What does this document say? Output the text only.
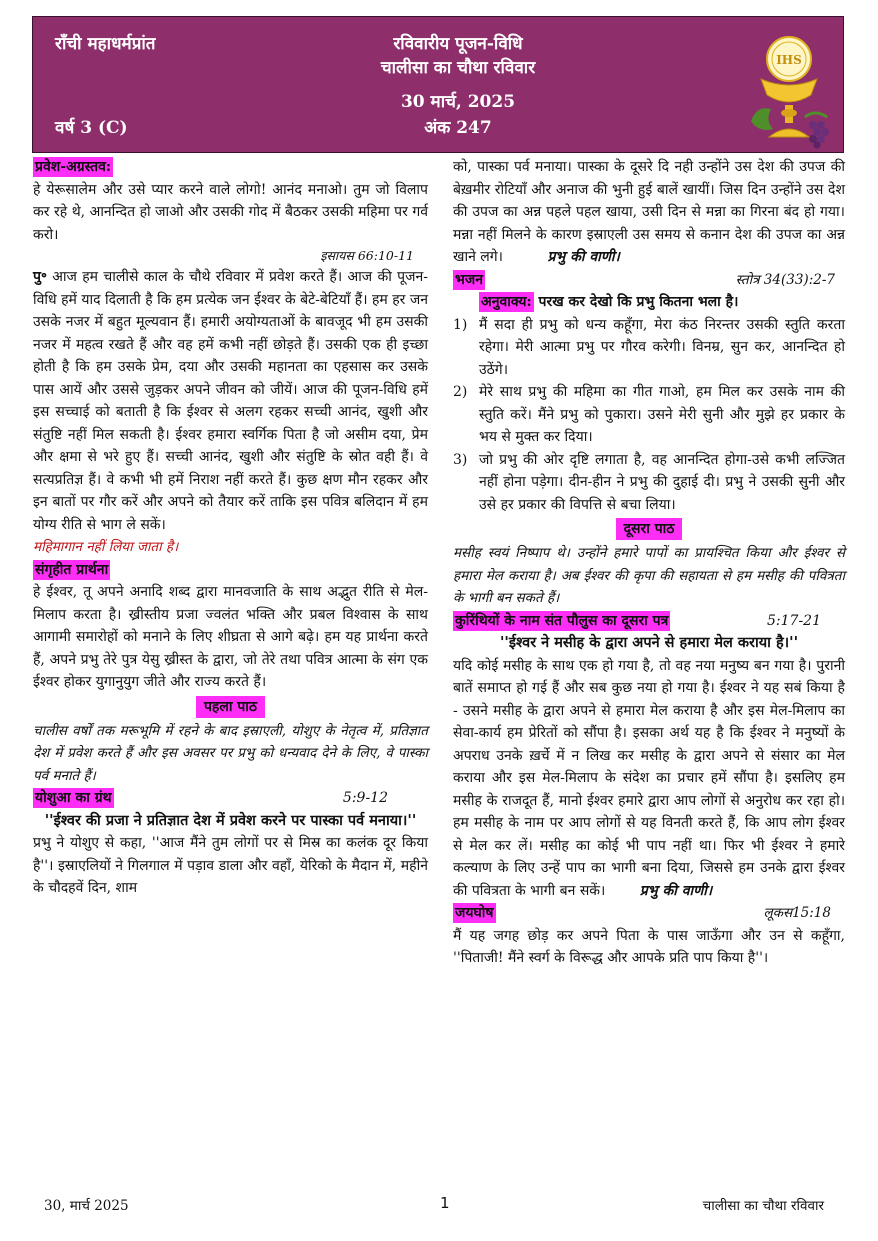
राँची महाधर्मप्रांत
वर्ष 3 (C)
रविवारीय पूजन-विधि
चालीसा का चौथा रविवार
30 मार्च, 2025
अंक 247
IHS
प्रवेश-अग्रस्तव:

हे येरूसालेम और उसे प्यार करने वाले लोगो! आनंद मनाओ। तुम जो विलाप कर रहे थे, आनन्दित हो जाओ और उसकी गोद में बैठकर उसकी महिमा पर गर्व करो।

इसायस 66:10-11

पु॰ आज हम चालीसे काल के चौथे रविवार में प्रवेश करते हैं। आज की पूजन-विधि हमें याद दिलाती है कि हम प्रत्येक जन ईश्वर के बेटे-बेटियाँ हैं। हम हर जन उसके नजर में बहुत मूल्यवान हैं। हमारी अयोग्यताओं के बावजूद भी हम उसकी नजर में महत्व रखते हैं और वह हमें कभी नहीं छोड़ते हैं। उसकी एक ही इच्छा होती है कि हम उसके प्रेम, दया और उसकी महानता का एहसास कर उसके पास आयें और उससे जुड़कर अपने जीवन को जीयें। आज की पूजन-विधि हमें इस सच्चाई को बताती है कि ईश्वर से अलग रहकर सच्ची आनंद, खुशी और संतुष्टि नहीं मिल सकती है। ईश्वर हमारा स्वर्गिक पिता है जो असीम दया, प्रेम और क्षमा से भरे हुए हैं। सच्ची आनंद, खुशी और संतुष्टि के स्रोत वही हैं। वे सत्यप्रतिज्ञ हैं। वे कभी भी हमें निराश नहीं करते हैं। कुछ क्षण मौन रहकर और इन बातों पर गौर करें और अपने को तैयार करें ताकि इस पवित्र बलिदान में हम योग्य रीति से भाग ले सकें।

महिमागान नहीं लिया जाता है।

संगृहीत प्रार्थना

हे ईश्वर, तू अपने अनादि शब्द द्वारा मानवजाति के साथ अद्भुत रीति से मेल-मिलाप करता है। ख्रीस्तीय प्रजा ज्वलंत भक्ति और प्रबल विश्वास के साथ आगामी समारोहों को मनाने के लिए शीघ्रता से आगे बढ़े। हम यह प्रार्थना करते हैं, अपने प्रभु तेरे पुत्र येसु ख्रीस्त के द्वारा, जो तेरे तथा पवित्र आत्मा के संग एक ईश्वर होकर युगानुयुग जीते और राज्य करते हैं।

पहला पाठ

चालीस वर्षों तक मरूभूमि में रहने के बाद इस्राएली, योशुए के नेतृत्व में, प्रतिज्ञात देश में प्रवेश करते हैं और इस अवसर पर प्रभु को धन्यवाद देने के लिए, वे पास्का पर्व मनाते हैं।

योशुआ का ग्रंथ	5:9-12

''ईश्वर की प्रजा ने प्रतिज्ञात देश में प्रवेश करने पर पास्का पर्व मनाया।''

प्रभु ने योशुए से कहा, ''आज मैंने तुम लोगों पर से मिस्र का कलंक दूर किया है''। इस्राएलियों ने गिलगाल में पड़ाव डाला और वहाँ, येरिको के मैदान में, महीने के चौदहवें दिन, शाम

को, पास्का पर्व मनाया। पास्का के दूसरे दि नही उन्होंने उस देश की उपज की बेख़मीर रोटियाँ और अनाज की भुनी हुई बालें खायीं। जिस दिन उन्होंने उस देश की उपज का अन्न पहले पहल खाया, उसी दिन से मन्ना का गिरना बंद हो गया। मन्ना नहीं मिलने के कारण इस्राएली उस समय से कनान देश की उपज का अन्न खाने लगे।	प्रभु की वाणी।

भजन	स्तोत्र 34(33):2-7

अनुवाक्य: परख कर देखो कि प्रभु कितना भला है।

1) मैं सदा ही प्रभु को धन्य कहूँगा, मेरा कंठ निरन्तर उसकी स्तुति करता रहेगा। मेरी आत्मा प्रभु पर गौरव करेगी। विनम्र, सुन कर, आनन्दित हो उठेंगे।
2) मेरे साथ प्रभु की महिमा का गीत गाओ, हम मिल कर उसके नाम की स्तुति करें। मैंने प्रभु को पुकारा। उसने मेरी सुनी और मुझे हर प्रकार के भय से मुक्त कर दिया।
3) जो प्रभु की ओर दृष्टि लगाता है, वह आनन्दित होगा-उसे कभी लज्जित नहीं होना पड़ेगा। दीन-हीन ने प्रभु की दुहाई दी। प्रभु ने उसकी सुनी और उसे हर प्रकार की विपत्ति से बचा लिया।
दूसरा पाठ

मसीह स्वयं निष्पाप थे। उन्होंने हमारे पापों का प्रायश्चित किया और ईश्वर से हमारा मेल कराया है। अब ईश्वर की कृपा की सहायता से हम मसीह की पवित्रता के भागी बन सकते हैं।

कुरिंथियों के नाम संत पौलुस का दूसरा पत्र	5:17-21

''ईश्वर ने मसीह के द्वारा अपने से हमारा मेल कराया है।''

यदि कोई मसीह के साथ एक हो गया है, तो वह नया मनुष्य बन गया है। पुरानी बातें समाप्त हो गई हैं और सब कुछ नया हो गया है। ईश्वर ने यह सबं किया है - उसने मसीह के द्वारा अपने से हमारा मेल कराया है और इस मेल-मिलाप का सेवा-कार्य हम प्रेरितों को सौंपा है। इसका अर्थ यह है कि ईश्वर ने मनुष्यों के अपराध उनके ख़र्चे में न लिख कर मसीह के द्वारा अपने से संसार का मेल कराया और इस मेल-मिलाप के संदेश का प्रचार हमें सौंपा है। इसलिए हम मसीह के राजदूत हैं, मानो ईश्वर हमारे द्वारा आप लोगों से अनुरोध कर रहा हो। हम मसीह के नाम पर आप लोगों से यह विनती करते हैं, कि आप लोग ईश्वर से मेल कर लें। मसीह का कोई भी पाप नहीं था। फिर भी ईश्वर ने हमारे कल्याण के लिए उन्हें पाप का भागी बना दिया, जिससे हम उनके द्वारा ईश्वर की पवित्रता के भागी बन सकें। प्रभु की वाणी।

जयघोष	लूकस15:18

मैं यह जगह छोड़ कर अपने पिता के पास जाऊँगा और उन से कहूँगा, ''पिताजी! मैंने स्वर्ग के विरूद्ध और आपके प्रति पाप किया है''।

30, मार्च 2025	1	चालीसा का चौथा रविवार
